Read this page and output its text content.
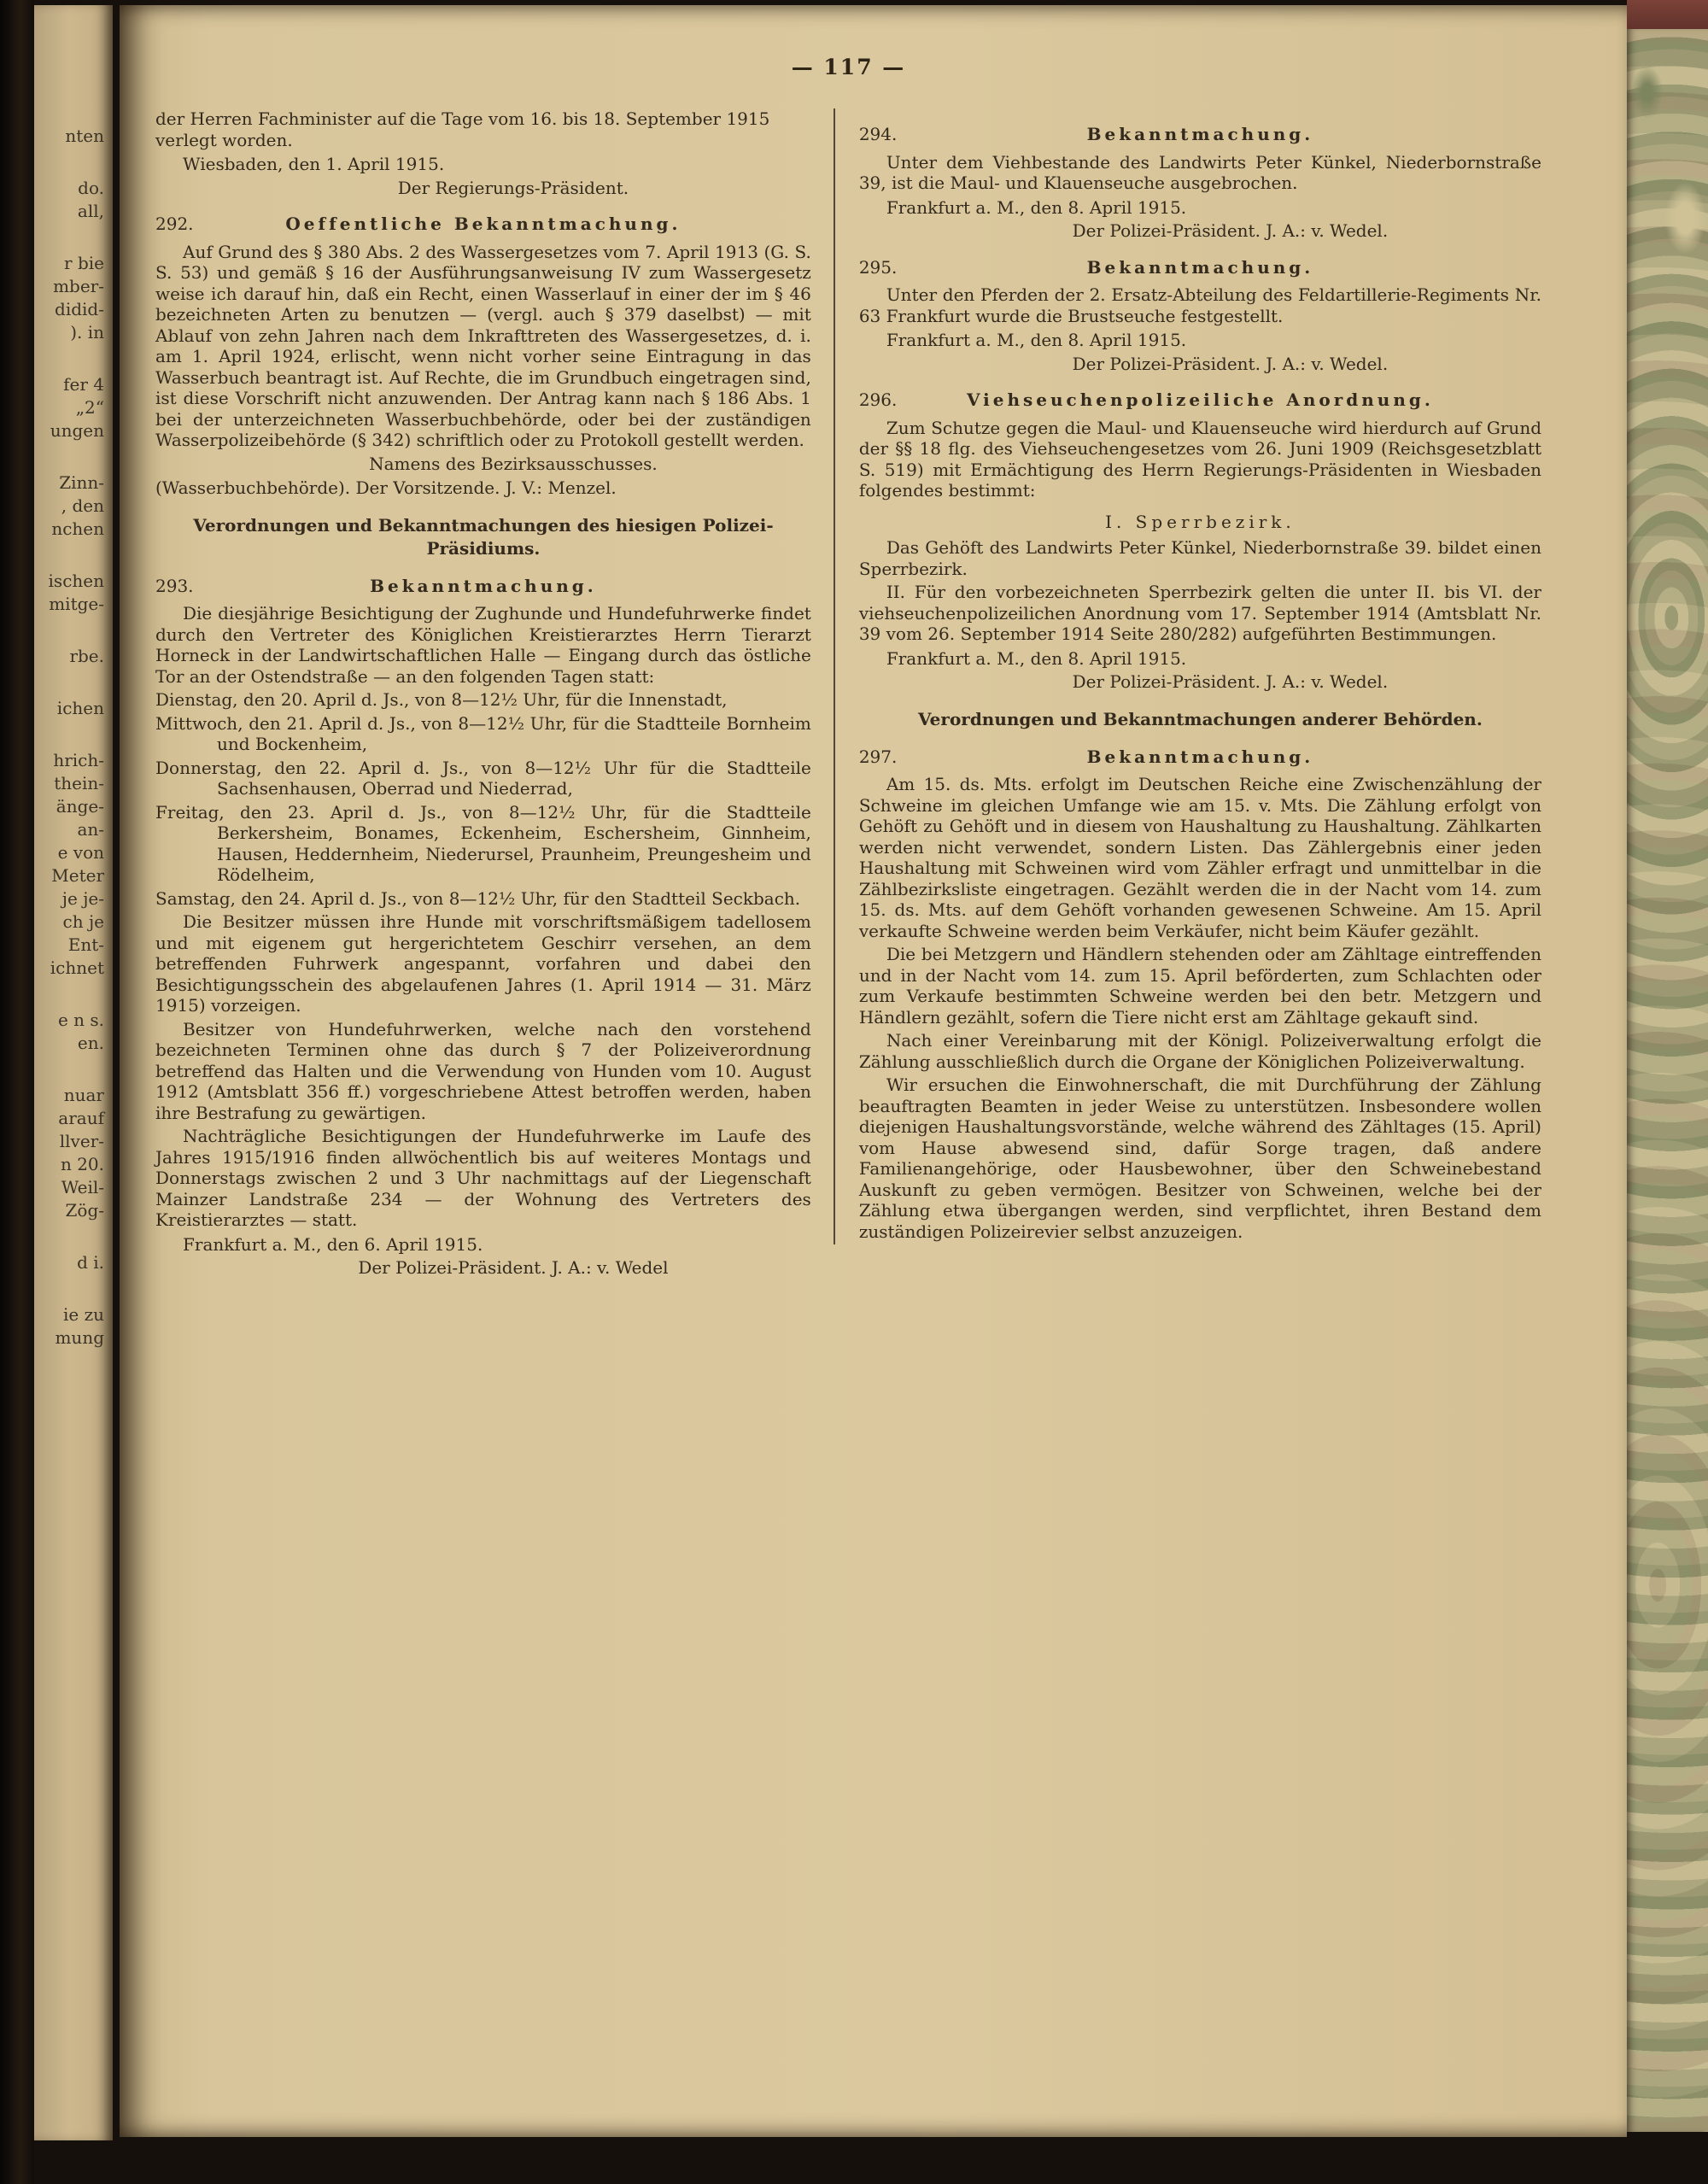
nten
do.
all,
r bie
mber-
didid-
). in
fer 4
„2“
ungen
Zinn-
, den
nchen
ischen
mitge-
rbe.
ichen
hrich-
thein-
änge-
an-
e von
Meter
je je-
ch je
Ent-
ichnet
e n s.
en.
nuar
arauf
llver-
n 20.
Weil-
Zög-
d i.
ie zu
mung
— 117 —
der Herren Fachminister auf die Tage vom 16. bis 18. September 1915 verlegt worden.
Wiesbaden, den 1. April 1915.
Der Regierungs-Präsident.
292.	Oeffentliche Bekanntmachung.
Auf Grund des § 380 Abs. 2 des Wassergesetzes vom 7. April 1913 (G. S. S. 53) und gemäß § 16 der Ausführungsanweisung IV zum Wassergesetz weise ich darauf hin, daß ein Recht, einen Wasserlauf in einer der im § 46 bezeichneten Arten zu benutzen — (vergl. auch § 379 daselbst) — mit Ablauf von zehn Jahren nach dem Inkrafttreten des Wassergesetzes, d. i. am 1. April 1924, erlischt, wenn nicht vorher seine Eintragung in das Wasserbuch beantragt ist. Auf Rechte, die im Grundbuch eingetragen sind, ist diese Vorschrift nicht anzuwenden. Der Antrag kann nach § 186 Abs. 1 bei der unterzeichneten Wasserbuchbehörde, oder bei der zuständigen Wasserpolizeibehörde (§ 342) schriftlich oder zu Protokoll gestellt werden.
Namens des Bezirksausschusses.
(Wasserbuchbehörde). Der Vorsitzende. J. V.: Menzel.
Verordnungen und Bekanntmachungen des hiesigen Polizei-Präsidiums.
293.	Bekanntmachung.
Die diesjährige Besichtigung der Zughunde und Hundefuhrwerke findet durch den Vertreter des Königlichen Kreistierarztes Herrn Tierarzt Horneck in der Landwirtschaftlichen Halle — Eingang durch das östliche Tor an der Ostendstraße — an den folgenden Tagen statt:
Dienstag, den 20. April d. Js., von 8—12½ Uhr, für die Innenstadt,
Mittwoch, den 21. April d. Js., von 8—12½ Uhr, für die Stadtteile Bornheim und Bockenheim,
Donnerstag, den 22. April d. Js., von 8—12½ Uhr für die Stadtteile Sachsenhausen, Oberrad und Niederrad,
Freitag, den 23. April d. Js., von 8—12½ Uhr, für die Stadtteile Berkersheim, Bonames, Eckenheim, Eschersheim, Ginnheim, Hausen, Heddernheim, Niederursel, Praunheim, Preungesheim und Rödelheim,
Samstag, den 24. April d. Js., von 8—12½ Uhr, für den Stadtteil Seckbach.
Die Besitzer müssen ihre Hunde mit vorschriftsmäßigem tadellosem und mit eigenem gut hergerichtetem Geschirr versehen, an dem betreffenden Fuhrwerk angespannt, vorfahren und dabei den Besichtigungsschein des abgelaufenen Jahres (1. April 1914 — 31. März 1915) vorzeigen.
Besitzer von Hundefuhrwerken, welche nach den vorstehend bezeichneten Terminen ohne das durch § 7 der Polizeiverordnung betreffend das Halten und die Verwendung von Hunden vom 10. August 1912 (Amtsblatt 356 ff.) vorgeschriebene Attest betroffen werden, haben ihre Bestrafung zu gewärtigen.
Nachträgliche Besichtigungen der Hundefuhrwerke im Laufe des Jahres 1915/1916 finden allwöchentlich bis auf weiteres Montags und Donnerstags zwischen 2 und 3 Uhr nachmittags auf der Liegenschaft Mainzer Landstraße 234 — der Wohnung des Vertreters des Kreistierarztes — statt.
Frankfurt a. M., den 6. April 1915.
Der Polizei-Präsident. J. A.: v. Wedel
294.	Bekanntmachung.
Unter dem Viehbestande des Landwirts Peter Künkel, Niederbornstraße 39, ist die Maul- und Klauenseuche ausgebrochen.
Frankfurt a. M., den 8. April 1915.
Der Polizei-Präsident. J. A.: v. Wedel.
295.	Bekanntmachung.
Unter den Pferden der 2. Ersatz-Abteilung des Feldartillerie-Regiments Nr. 63 Frankfurt wurde die Brustseuche festgestellt.
Frankfurt a. M., den 8. April 1915.
Der Polizei-Präsident. J. A.: v. Wedel.
296.	Viehseuchenpolizeiliche Anordnung.
Zum Schutze gegen die Maul- und Klauenseuche wird hierdurch auf Grund der §§ 18 flg. des Viehseuchengesetzes vom 26. Juni 1909 (Reichsgesetzblatt S. 519) mit Ermächtigung des Herrn Regierungs-Präsidenten in Wiesbaden folgendes bestimmt:
I. Sperrbezirk.
Das Gehöft des Landwirts Peter Künkel, Niederbornstraße 39. bildet einen Sperrbezirk.
II. Für den vorbezeichneten Sperrbezirk gelten die unter II. bis VI. der viehseuchenpolizeilichen Anordnung vom 17. September 1914 (Amtsblatt Nr. 39 vom 26. September 1914 Seite 280/282) aufgeführten Bestimmungen.
Frankfurt a. M., den 8. April 1915.
Der Polizei-Präsident. J. A.: v. Wedel.
Verordnungen und Bekanntmachungen anderer Behörden.
297.	Bekanntmachung.
Am 15. ds. Mts. erfolgt im Deutschen Reiche eine Zwischenzählung der Schweine im gleichen Umfange wie am 15. v. Mts. Die Zählung erfolgt von Gehöft zu Gehöft und in diesem von Haushaltung zu Haushaltung. Zählkarten werden nicht verwendet, sondern Listen. Das Zählergebnis einer jeden Haushaltung mit Schweinen wird vom Zähler erfragt und unmittelbar in die Zählbezirksliste eingetragen. Gezählt werden die in der Nacht vom 14. zum 15. ds. Mts. auf dem Gehöft vorhanden gewesenen Schweine. Am 15. April verkaufte Schweine werden beim Verkäufer, nicht beim Käufer gezählt.
Die bei Metzgern und Händlern stehenden oder am Zähltage eintreffenden und in der Nacht vom 14. zum 15. April beförderten, zum Schlachten oder zum Verkaufe bestimmten Schweine werden bei den betr. Metzgern und Händlern gezählt, sofern die Tiere nicht erst am Zähltage gekauft sind.
Nach einer Vereinbarung mit der Königl. Polizeiverwaltung erfolgt die Zählung ausschließlich durch die Organe der Königlichen Polizeiverwaltung.
Wir ersuchen die Einwohnerschaft, die mit Durchführung der Zählung beauftragten Beamten in jeder Weise zu unterstützen. Insbesondere wollen diejenigen Haushaltungsvorstände, welche während des Zähltages (15. April) vom Hause abwesend sind, dafür Sorge tragen, daß andere Familienangehörige, oder Hausbewohner, über den Schweinebestand Auskunft zu geben vermögen. Besitzer von Schweinen, welche bei der Zählung etwa übergangen werden, sind verpflichtet, ihren Bestand dem zuständigen Polizeirevier selbst anzuzeigen.
